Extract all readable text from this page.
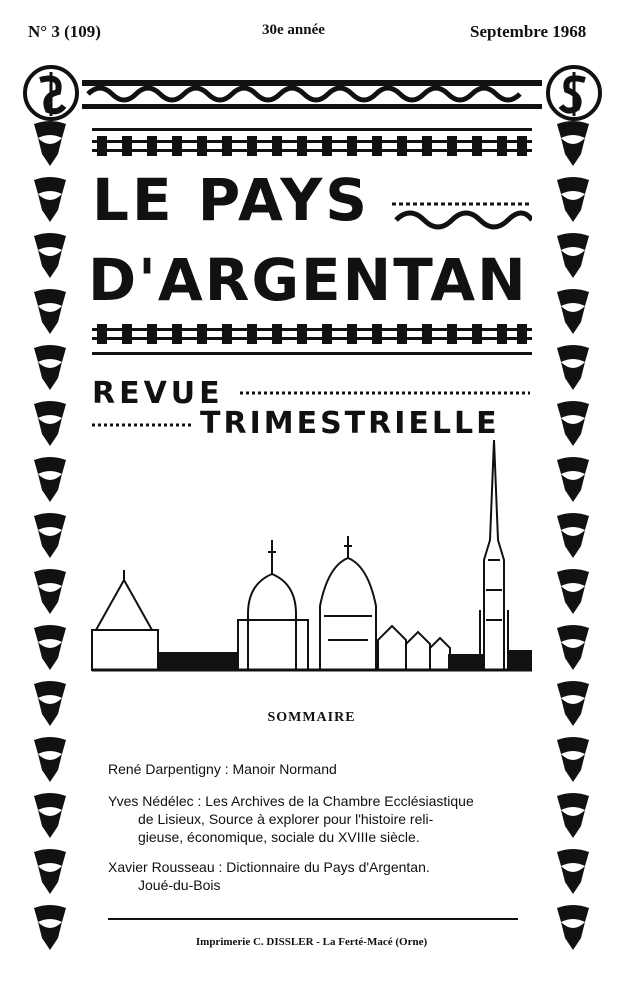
N° 3 (109)	30e année	Septembre 1968
LE PAYS
D'ARGENTAN
REVUE
TRIMESTRIELLE
SOMMAIRE
René Darpentigny : Manoir Normand
Yves Nédélec : Les Archives de la Chambre Ecclésiastique
de Lisieux, Source à explorer pour l'histoire reli-
gieuse, économique, sociale du XVIIIe siècle.
Xavier Rousseau : Dictionnaire du Pays d'Argentan.
Joué-du-Bois
Imprimerie C. DISSLER - La Ferté-Macé (Orne)
